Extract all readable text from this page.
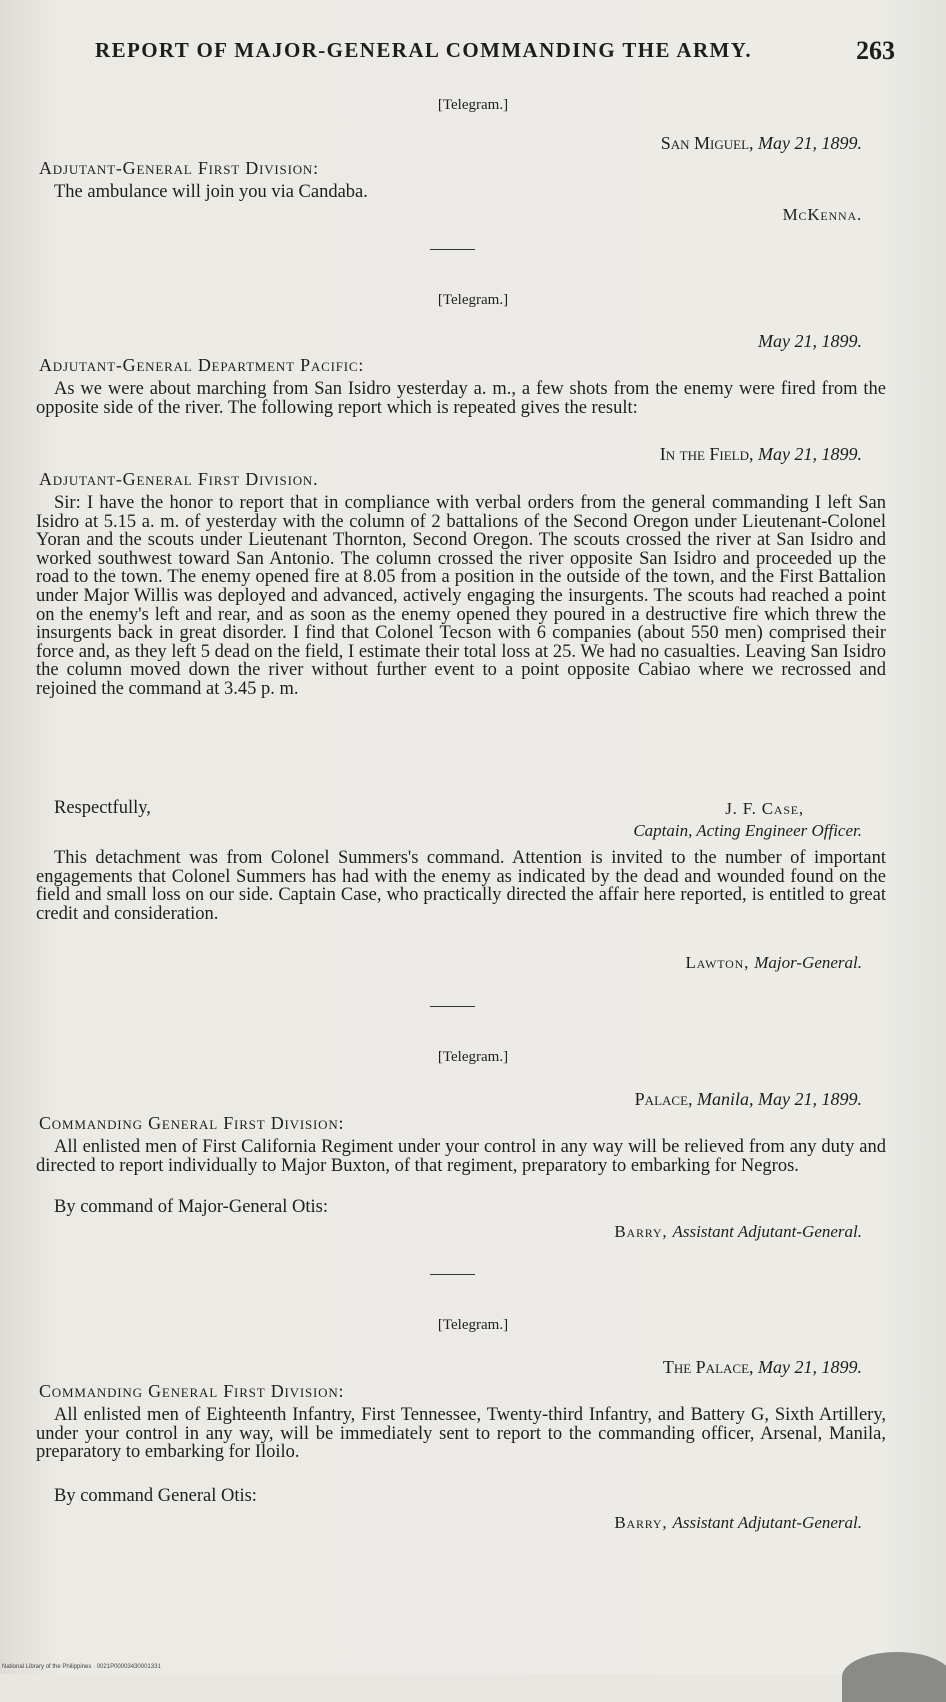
REPORT OF MAJOR-GENERAL COMMANDING THE ARMY.	263
[Telegram.]
San Miguel, May 21, 1899.
Adjutant-General First Division:
The ambulance will join you via Candaba.
McKenna.
[Telegram.]
May 21, 1899.
Adjutant-General Department Pacific:
As we were about marching from San Isidro yesterday a. m., a few shots from the enemy were fired from the opposite side of the river. The following report which is repeated gives the result:
In the Field, May 21, 1899.
Adjutant-General First Division.
Sir: I have the honor to report that in compliance with verbal orders from the general commanding I left San Isidro at 5.15 a. m. of yesterday with the column of 2 battalions of the Second Oregon under Lieutenant-Colonel Yoran and the scouts under Lieutenant Thornton, Second Oregon. The scouts crossed the river at San Isidro and worked southwest toward San Antonio. The column crossed the river opposite San Isidro and proceeded up the road to the town. The enemy opened fire at 8.05 from a position in the outside of the town, and the First Battalion under Major Willis was deployed and advanced, actively engaging the insurgents. The scouts had reached a point on the enemy's left and rear, and as soon as the enemy opened they poured in a destructive fire which threw the insurgents back in great disorder. I find that Colonel Tecson with 6 companies (about 550 men) comprised their force and, as they left 5 dead on the field, I estimate their total loss at 25. We had no casualties. Leaving San Isidro the column moved down the river without further event to a point opposite Cabiao where we recrossed and rejoined the command at 3.45 p. m.
Respectfully,	J. F. Case,
Captain, Acting Engineer Officer.
This detachment was from Colonel Summers's command. Attention is invited to the number of important engagements that Colonel Summers has had with the enemy as indicated by the dead and wounded found on the field and small loss on our side. Captain Case, who practically directed the affair here reported, is entitled to great credit and consideration.
Lawton, Major-General.
[Telegram.]
Palace, Manila, May 21, 1899.
Commanding General First Division:
All enlisted men of First California Regiment under your control in any way will be relieved from any duty and directed to report individually to Major Buxton, of that regiment, preparatory to embarking for Negros.
By command of Major-General Otis:
Barry, Assistant Adjutant-General.
[Telegram.]
The Palace, May 21, 1899.
Commanding General First Division:
All enlisted men of Eighteenth Infantry, First Tennessee, Twenty-third Infantry, and Battery G, Sixth Artillery, under your control in any way, will be immediately sent to report to the commanding officer, Arsenal, Manila, preparatory to embarking for Iloilo.
By command General Otis:
Barry, Assistant Adjutant-General.
National Library of the Philippines · 0021P00003430001331
